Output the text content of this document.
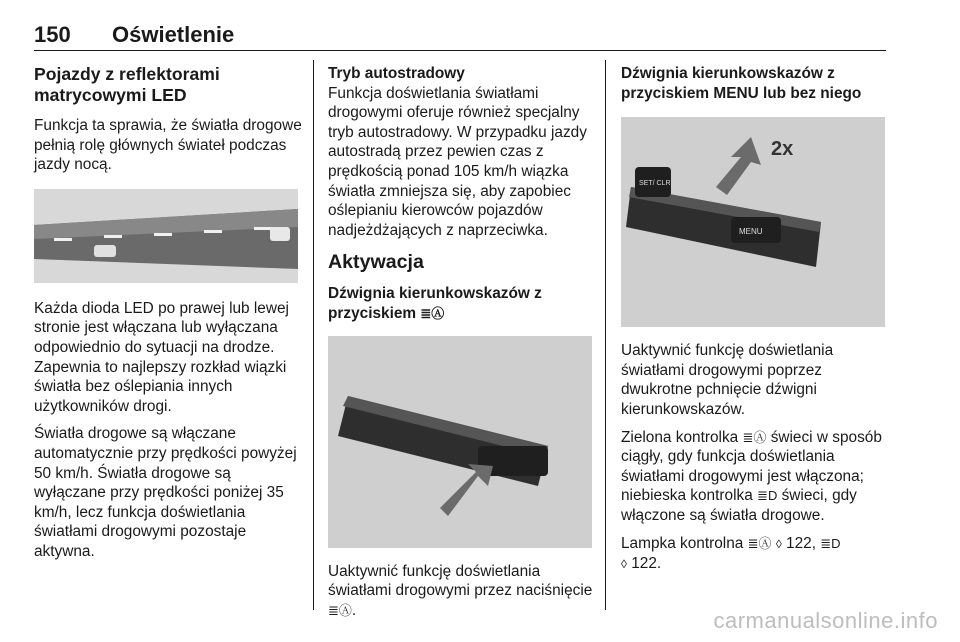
150 Oświetlenie
Pojazdy z reflektorami matrycowymi LED

Funkcja ta sprawia, że światła drogowe pełnią rolę głównych świateł podczas jazdy nocą.

Każda dioda LED po prawej lub lewej stronie jest włączana lub wyłączana odpowiednio do sytuacji na drodze. Zapewnia to najlepszy rozkład wiązki światła bez oślepiania innych użytkowników drogi.

Światła drogowe są włączane automatycznie przy prędkości powyżej 50 km/h. Światła drogowe są wyłączane przy prędkości poniżej 35 km/h, lecz funkcja doświetlania światłami drogowymi pozostaje aktywna.

Tryb autostradowy

Funkcja doświetlania światłami drogowymi oferuje również specjalny tryb autostradowy. W przypadku jazdy autostradą przez pewien czas z prędkością ponad 105 km/h wiązka światła zmniejsza się, aby zapobiec oślepianiu kierowców pojazdów nadjeżdżających z naprzeciwka.

Aktywacja
Dźwignia kierunkowskazów z
przyciskiem ≣Ⓐ

Uaktywnić funkcję doświetlania światłami drogowymi przez naciśnięcie ≣Ⓐ.

Dźwignia kierunkowskazów z przyciskiem MENU lub bez niego
SET/ CLR
MENU
2x

Uaktywnić funkcję doświetlania światłami drogowymi poprzez dwukrotne pchnięcie dźwigni kierunkowskazów.

Zielona kontrolka ≣Ⓐ świeci w sposób ciągły, gdy funkcja doświetlania światłami drogowymi jest włączona; niebieska kontrolka ≣D świeci, gdy włączone są światła drogowe.

Lampka kontrolna ≣Ⓐ ◊ 122, ≣D
◊ 122.

carmanualsonline.info
